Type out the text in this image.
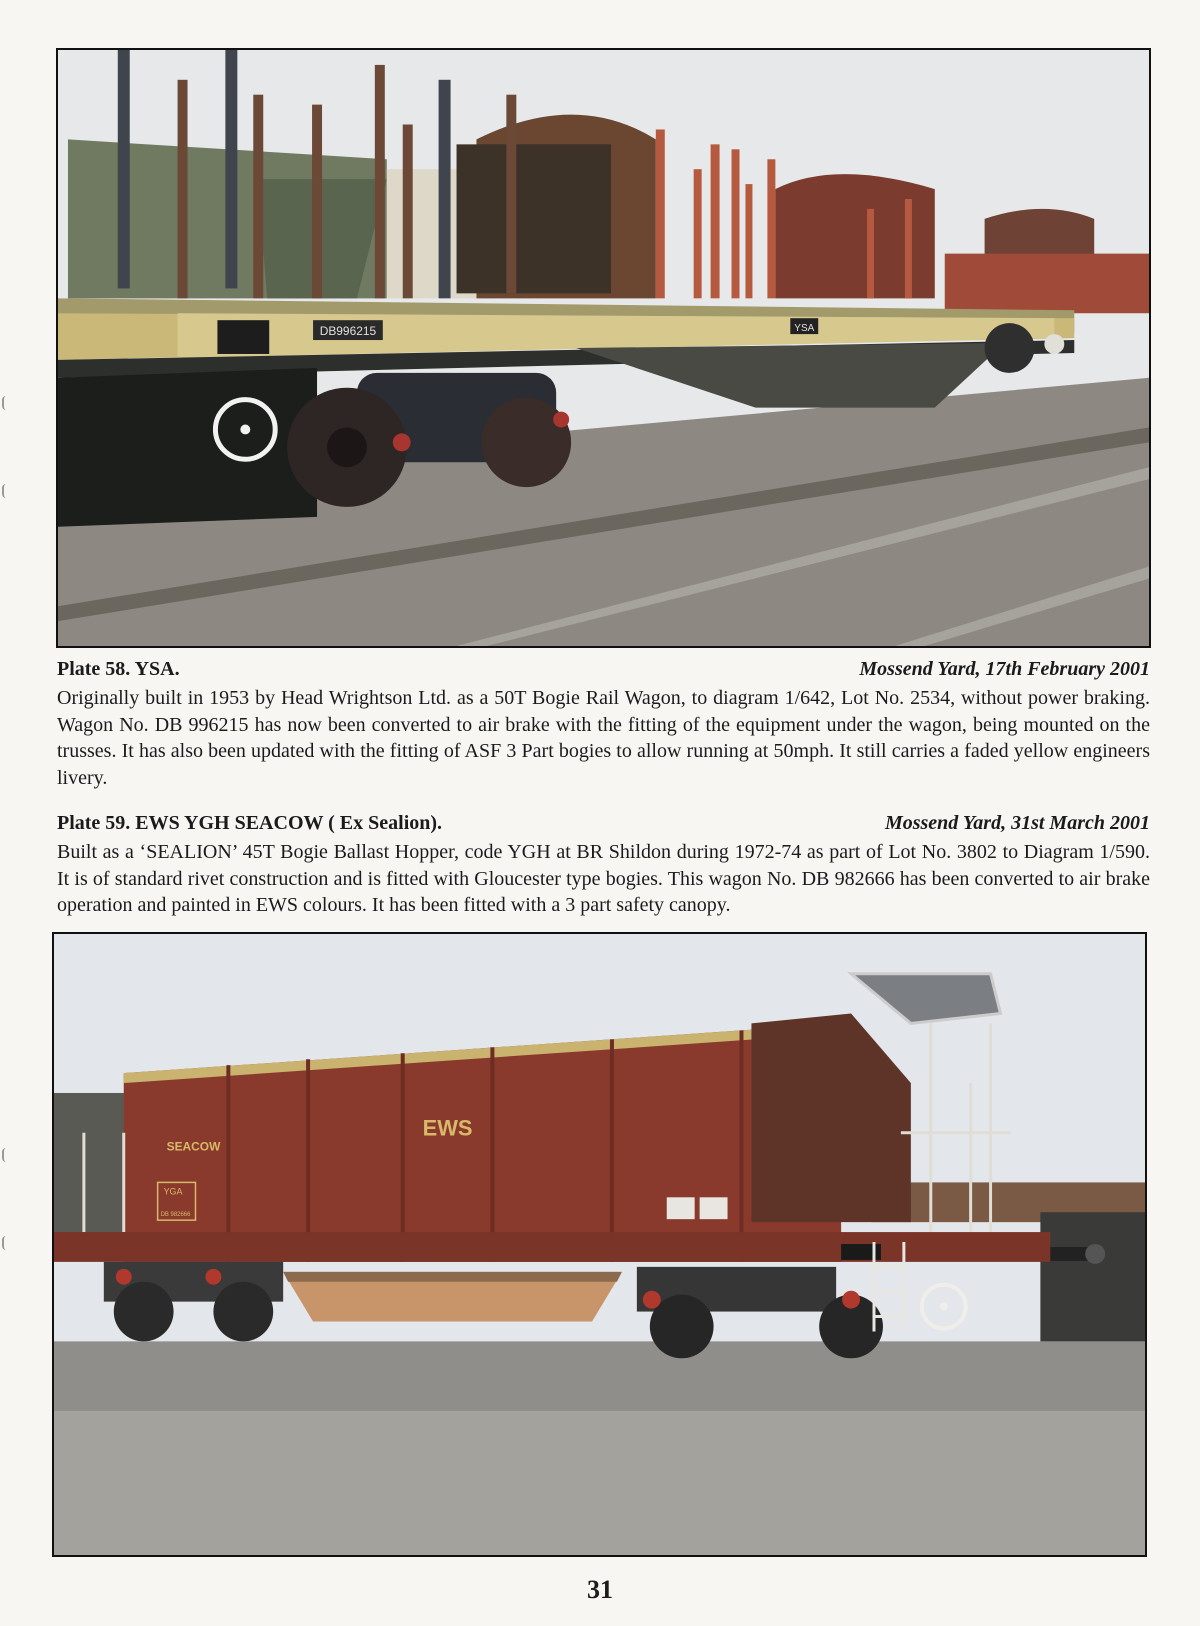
DB996215	YSA
Plate 58. YSA.	Mossend Yard, 17th February 2001
Originally built in 1953 by Head Wrightson Ltd. as a 50T Bogie Rail Wagon, to diagram 1/642, Lot No. 2534, without power braking. Wagon No. DB 996215 has now been converted to air brake with the fitting of the equipment under the wagon, being mounted on the trusses. It has also been updated with the fitting of ASF 3 Part bogies to allow running at 50mph. It still carries a faded yellow engineers livery.
Plate 59. EWS YGH SEACOW ( Ex Sealion).	Mossend Yard, 31st March 2001
Built as a ‘SEALION’ 45T Bogie Ballast Hopper, code YGH at BR Shildon during 1972-74 as part of Lot No. 3802 to Diagram 1/590. It is of standard rivet construction and is fitted with Gloucester type bogies. This wagon No. DB 982666 has been converted to air brake operation and painted in EWS colours. It has been fitted with a 3 part safety canopy.
EWS
SEACOW
YGA
DB 982666
31
